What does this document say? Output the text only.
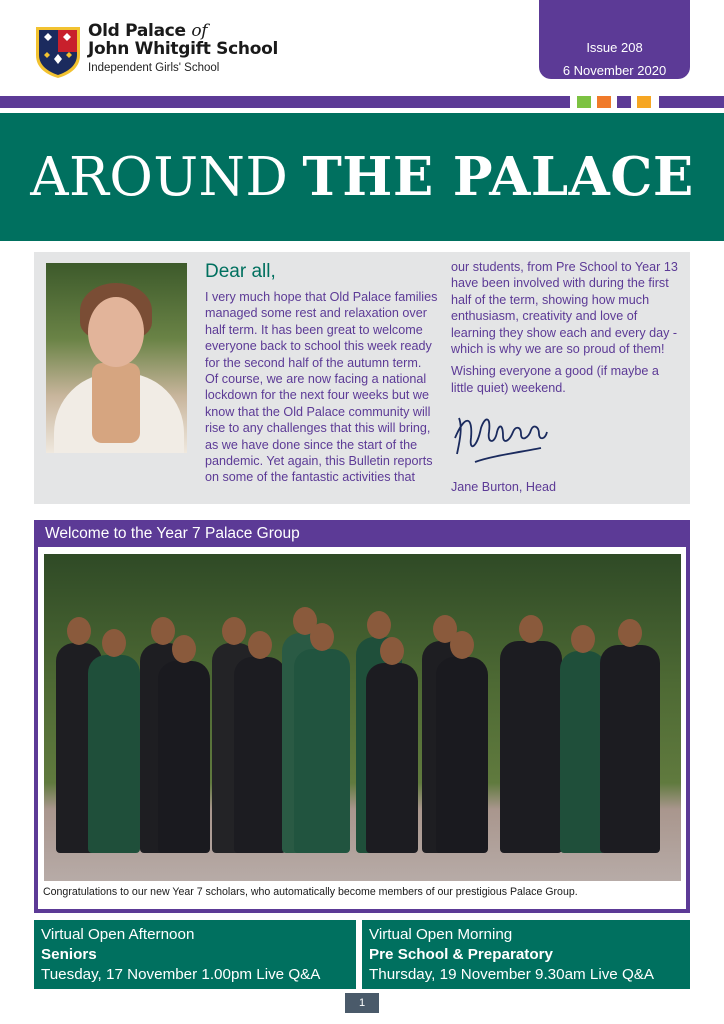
Old Palace of
John Whitgift School
Independent Girls' School
Issue 208
6 November 2020
AROUND THE PALACE
Dear all,
I very much hope that Old Palace families managed some rest and relaxation over half term. It has been great to welcome everyone back to school this week ready for the second half of the autumn term. Of course, we are now facing a national lockdown for the next four weeks but we know that the Old Palace community will rise to any challenges that this will bring, as we have done since the start of the pandemic. Yet again, this Bulletin reports on some of the fantastic activities that

our students, from Pre School to Year 13 have been involved with during the first half of the term, showing how much enthusiasm, creativity and love of learning they show each and every day - which is why we are so proud of them!

Wishing everyone a good (if maybe a little quiet) weekend.

Jane Burton, Head
Welcome to the Year 7 Palace Group
Congratulations to our new Year 7 scholars, who automatically become members of our prestigious Palace Group.
Virtual Open Afternoon
Seniors
Tuesday, 17 November 1.00pm Live Q&A
Virtual Open Morning
Pre School & Preparatory
Thursday, 19 November 9.30am Live Q&A
1
